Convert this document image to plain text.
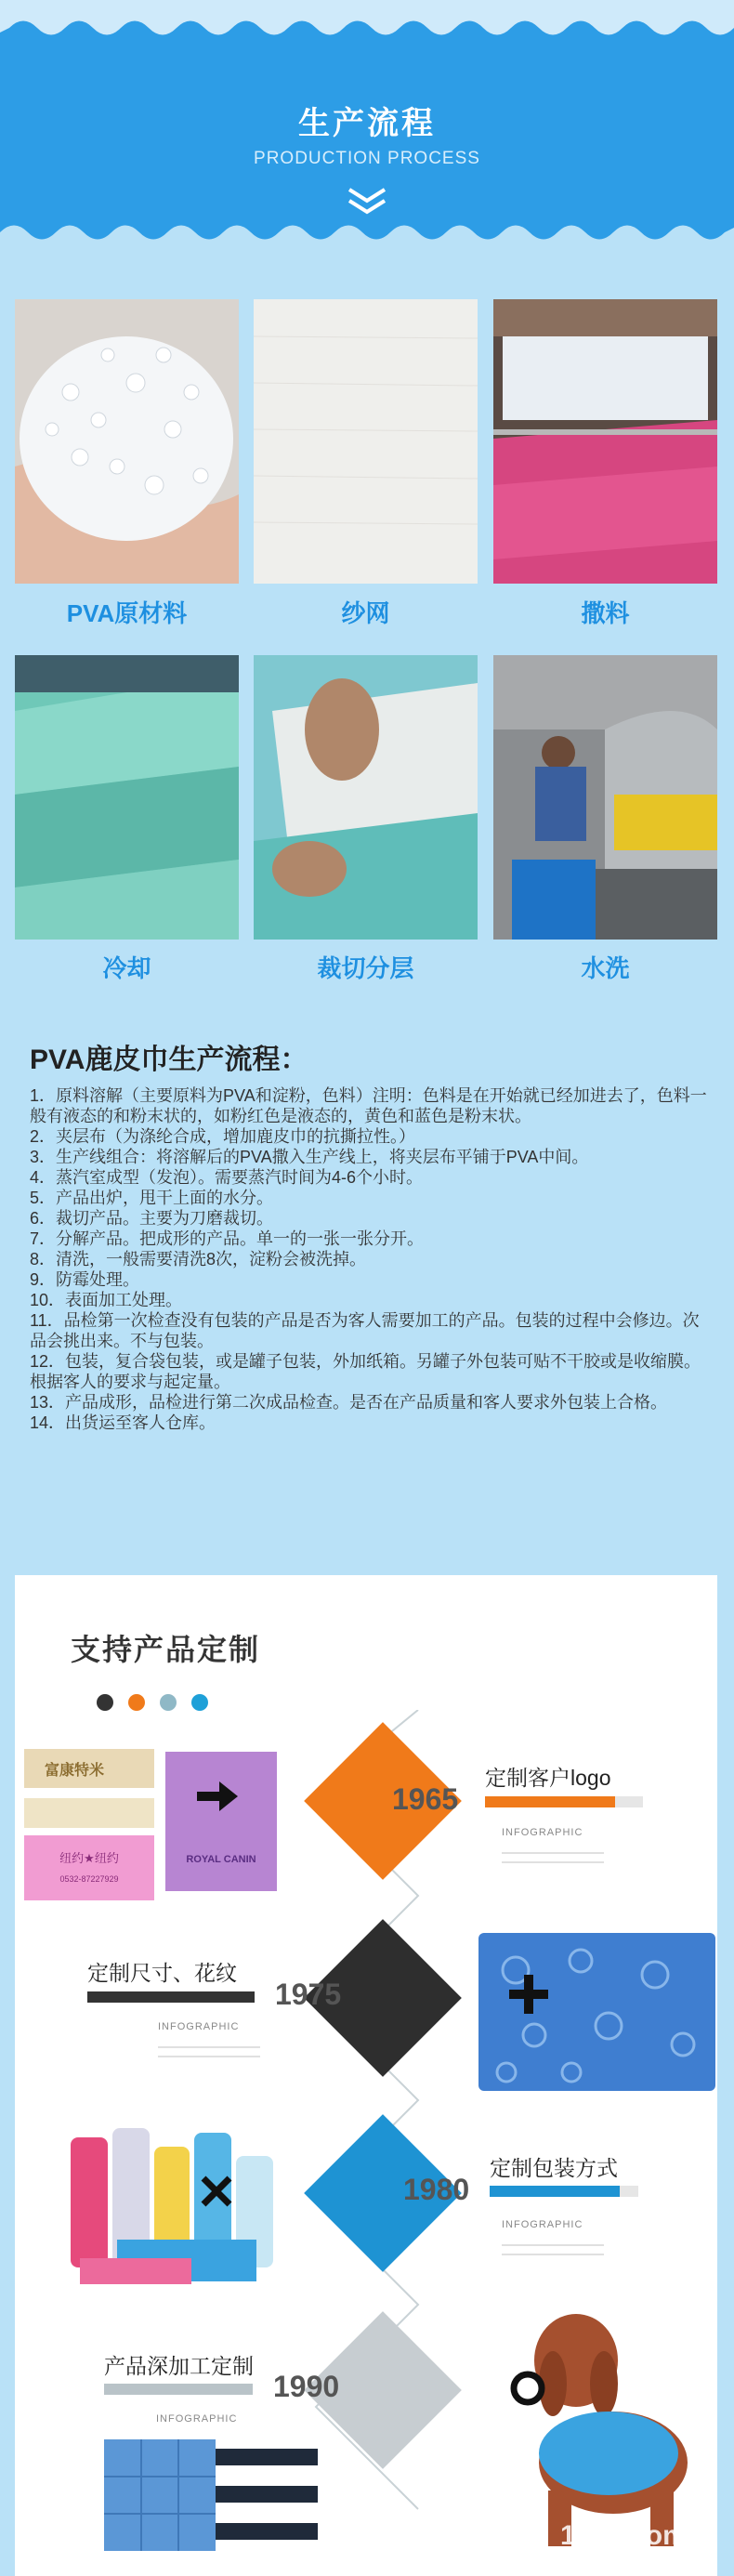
生产流程
PRODUCTION PROCESS
PVA原材料	纱网	撒料
冷却	裁切分层	水洗
PVA鹿皮巾生产流程：
1．原料溶解（主要原料为PVA和淀粉，色料）注明：色料是在开始就已经加进去了，色料一般有液态的和粉末状的，如粉红色是液态的，黄色和蓝色是粉末状。
2．夹层布（为涤纶合成，增加鹿皮巾的抗撕拉性。）
3．生产线组合：将溶解后的PVA撒入生产线上，将夹层布平铺于PVA中间。
4．蒸汽室成型（发泡）。需要蒸汽时间为4-6个小时。
5．产品出炉，甩干上面的水分。
6．裁切产品。主要为刀磨裁切。
7．分解产品。把成形的产品。单一的一张一张分开。
8．清洗，一般需要清洗8次，淀粉会被洗掉。
9．防霉处理。
10．表面加工处理。
11．品检第一次检查没有包装的产品是否为客人需要加工的产品。包装的过程中会修边。次品会挑出来。不与包装。
12．包装，复合袋包装，或是罐子包装，外加纸箱。另罐子外包装可贴不干胶或是收缩膜。根据客人的要求与起定量。
13．产品成形，品检进行第二次成品检查。是否在产品质量和客人要求外包装上合格。
14．出货运至客人仓库。
支持产品定制
富康特米
纽约★纽约
0532-87227929
ROYAL CANIN
1965
定制客户logo
INFOGRAPHIC
定制尺寸、花纹
INFOGRAPHIC
1975
1980
定制包装方式
INFOGRAPHIC
产品深加工定制
INFOGRAPHIC
1990
1688.com
